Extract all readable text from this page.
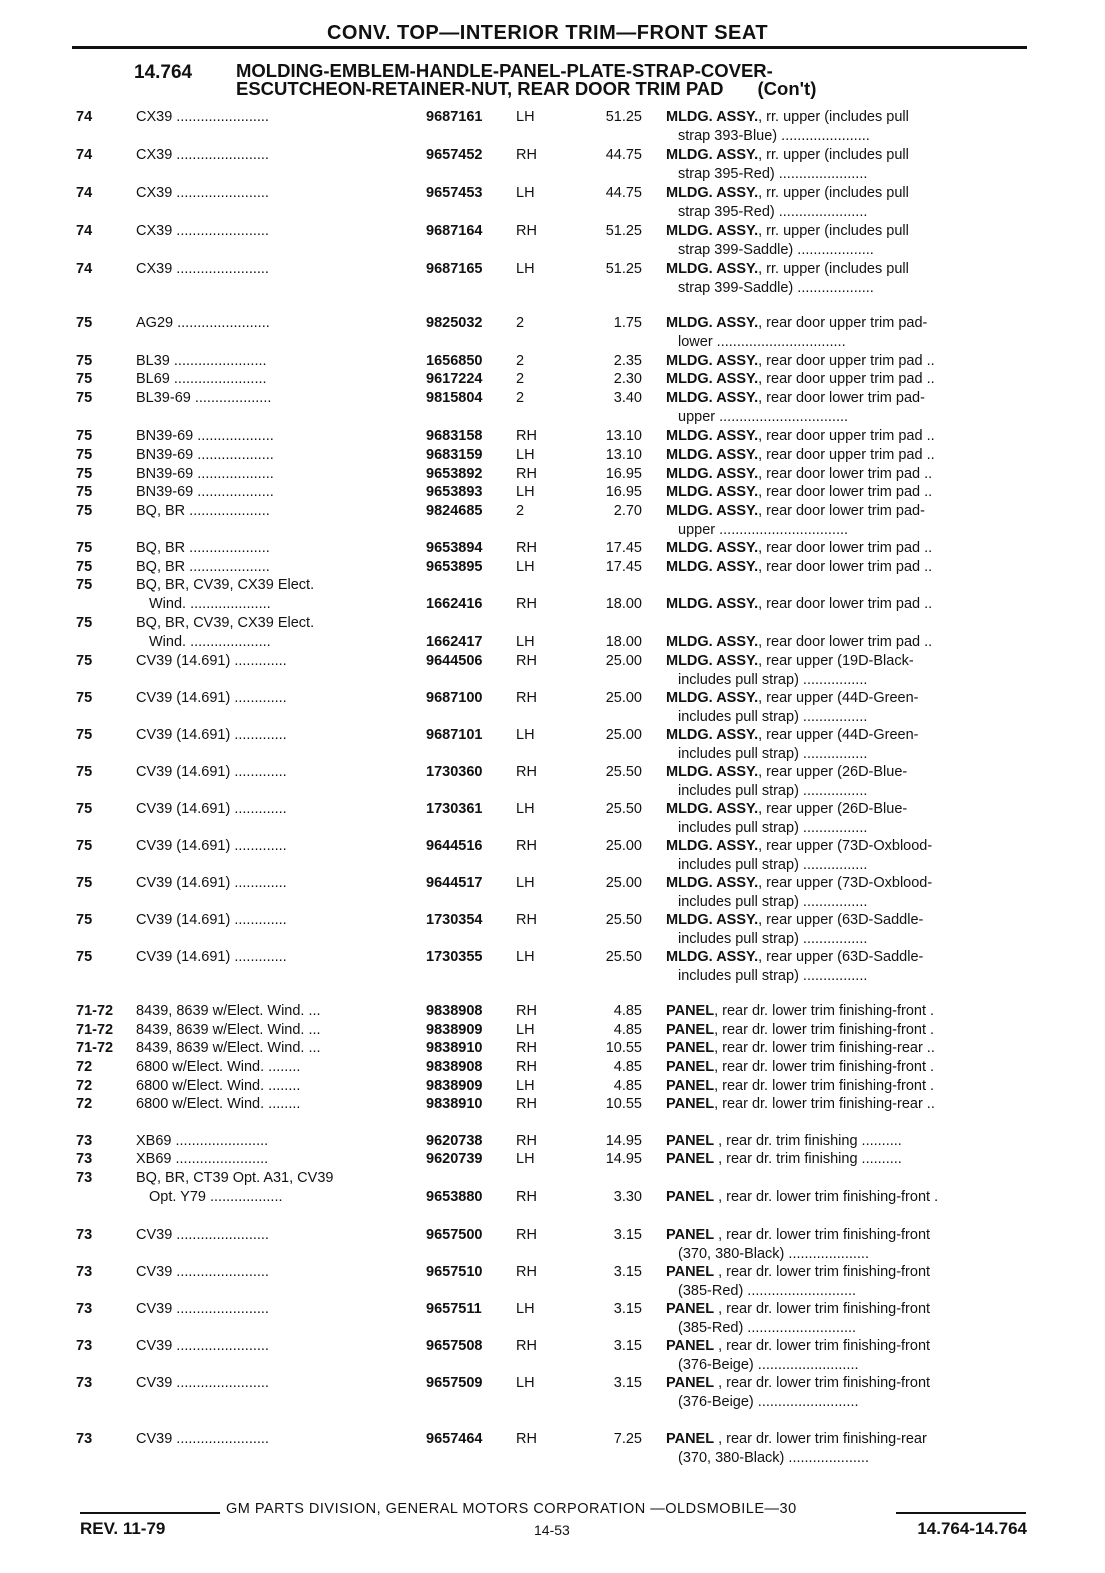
CONV. TOP—INTERIOR TRIM—FRONT SEAT
14.764 MOLDING-EMBLEM-HANDLE-PANEL-PLATE-STRAP-COVER-
ESCUTCHEON-RETAINER-NUT, REAR DOOR TRIM PAD (Con't)
74	CX39 .......................	9687161	LH	51.25 MLDG. ASSY., rr. upper (includes pull
strap 393-Blue) ......................
74	CX39 .......................	9657452	RH	44.75 MLDG. ASSY., rr. upper (includes pull
strap 395-Red) ......................
74	CX39 .......................	9657453	LH	44.75 MLDG. ASSY., rr. upper (includes pull
strap 395-Red) ......................
74	CX39 .......................	9687164	RH	51.25 MLDG. ASSY., rr. upper (includes pull
strap 399-Saddle) ...................
74	CX39 .......................	9687165	LH	51.25 MLDG. ASSY., rr. upper (includes pull
strap 399-Saddle) ...................
75	AG29 .......................	9825032	2	1.75 MLDG. ASSY., rear door upper trim pad-
lower ................................
75	BL39 .......................	1656850	2	2.35 MLDG. ASSY., rear door upper trim pad ..
75	BL69 .......................	9617224	2	2.30 MLDG. ASSY., rear door upper trim pad ..
75	BL39-69 ...................	9815804	2	3.40 MLDG. ASSY., rear door lower trim pad-
upper ................................
75	BN39-69 ...................	9683158	RH	13.10 MLDG. ASSY., rear door upper trim pad ..
75	BN39-69 ...................	9683159	LH	13.10 MLDG. ASSY., rear door upper trim pad ..
75	BN39-69 ...................	9653892	RH	16.95 MLDG. ASSY., rear door lower trim pad ..
75	BN39-69 ...................	9653893	LH	16.95 MLDG. ASSY., rear door lower trim pad ..
75	BQ, BR ....................	9824685	2	2.70 MLDG. ASSY., rear door lower trim pad-
upper ................................
75	BQ, BR ....................	9653894	RH	17.45 MLDG. ASSY., rear door lower trim pad ..
75	BQ, BR ....................	9653895	LH	17.45 MLDG. ASSY., rear door lower trim pad ..
75	BQ, BR, CV39, CX39 Elect.
Wind. ....................	1662416	RH	18.00 MLDG. ASSY., rear door lower trim pad ..
75	BQ, BR, CV39, CX39 Elect.
Wind. ....................	1662417	LH	18.00 MLDG. ASSY., rear door lower trim pad ..
75	CV39 (14.691) .............	9644506	RH	25.00 MLDG. ASSY., rear upper (19D-Black-
includes pull strap) ................
75	CV39 (14.691) .............	9687100	RH	25.00 MLDG. ASSY., rear upper (44D-Green-
includes pull strap) ................
75	CV39 (14.691) .............	9687101	LH	25.00 MLDG. ASSY., rear upper (44D-Green-
includes pull strap) ................
75	CV39 (14.691) .............	1730360	RH	25.50 MLDG. ASSY., rear upper (26D-Blue-
includes pull strap) ................
75	CV39 (14.691) .............	1730361	LH	25.50 MLDG. ASSY., rear upper (26D-Blue-
includes pull strap) ................
75	CV39 (14.691) .............	9644516	RH	25.00 MLDG. ASSY., rear upper (73D-Oxblood-
includes pull strap) ................
75	CV39 (14.691) .............	9644517	LH	25.00 MLDG. ASSY., rear upper (73D-Oxblood-
includes pull strap) ................
75	CV39 (14.691) .............	1730354	RH	25.50 MLDG. ASSY., rear upper (63D-Saddle-
includes pull strap) ................
75	CV39 (14.691) .............	1730355	LH	25.50 MLDG. ASSY., rear upper (63D-Saddle-
includes pull strap) ................
71-72	8439, 8639 w/Elect. Wind. ...	9838908	RH	4.85 PANEL, rear dr. lower trim finishing-front .
71-72	8439, 8639 w/Elect. Wind. ...	9838909	LH	4.85 PANEL, rear dr. lower trim finishing-front .
71-72	8439, 8639 w/Elect. Wind. ...	9838910	RH	10.55 PANEL, rear dr. lower trim finishing-rear ..
72	6800 w/Elect. Wind. ........	9838908	RH	4.85 PANEL, rear dr. lower trim finishing-front .
72	6800 w/Elect. Wind. ........	9838909	LH	4.85 PANEL, rear dr. lower trim finishing-front .
72	6800 w/Elect. Wind. ........	9838910	RH	10.55 PANEL, rear dr. lower trim finishing-rear ..
73	XB69 .......................	9620738	RH	14.95 PANEL , rear dr. trim finishing ..........
73	XB69 .......................	9620739	LH	14.95 PANEL , rear dr. trim finishing ..........
73	BQ, BR, CT39 Opt. A31, CV39
Opt. Y79 ..................	9653880	RH	3.30 PANEL , rear dr. lower trim finishing-front .
73	CV39 .......................	9657500	RH	3.15 PANEL , rear dr. lower trim finishing-front
(370, 380-Black) ....................
73	CV39 .......................	9657510	RH	3.15 PANEL , rear dr. lower trim finishing-front
(385-Red) ...........................
73	CV39 .......................	9657511	LH	3.15 PANEL , rear dr. lower trim finishing-front
(385-Red) ...........................
73	CV39 .......................	9657508	RH	3.15 PANEL , rear dr. lower trim finishing-front
(376-Beige) .........................
73	CV39 .......................	9657509	LH	3.15 PANEL , rear dr. lower trim finishing-front
(376-Beige) .........................
73	CV39 .......................	9657464	RH	7.25 PANEL , rear dr. lower trim finishing-rear
(370, 380-Black) ....................
GM PARTS DIVISION, GENERAL MOTORS CORPORATION —OLDSMOBILE—30
REV. 11-79	14-53	14.764-14.764
